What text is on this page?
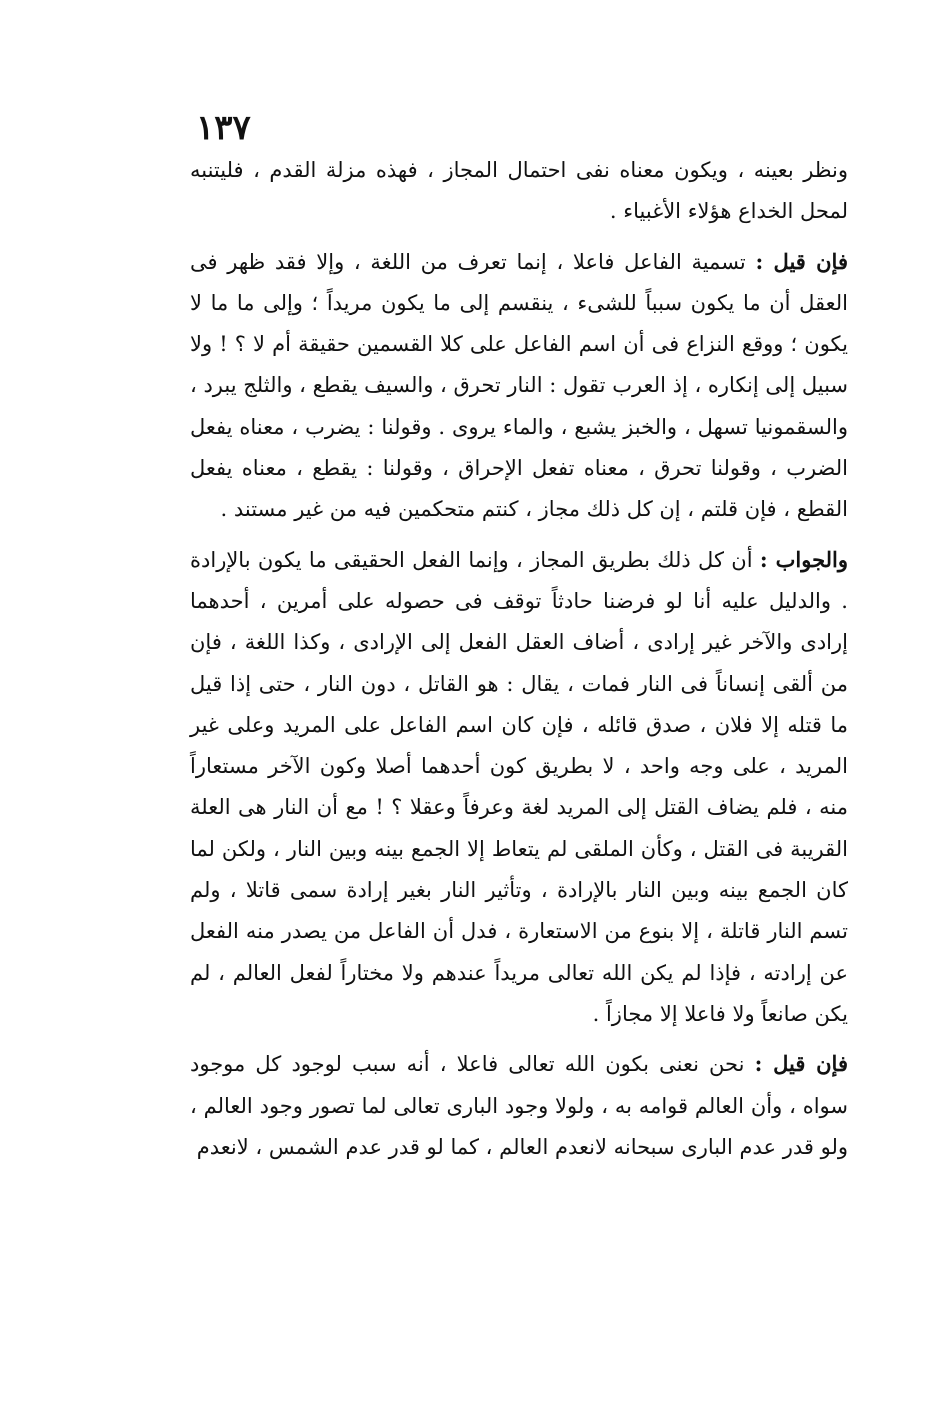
١٣٧

ونظر بعينه ، ويكون معناه نفى احتمال المجاز ، فهذه مزلة القدم ، فليتنبه لمحل الخداع هؤلاء الأغبياء .

فإن قيل : تسمية الفاعل فاعلا ، إنما تعرف من اللغة ، وإلا فقد ظهر فى العقل أن ما يكون سبباً للشىء ، ينقسم إلى ما يكون مريداً ؛ وإلى ما ما لا يكون ؛ ووقع النزاع فى أن اسم الفاعل على كلا القسمين حقيقة أم لا ؟ ! ولا سبيل إلى إنكاره ، إذ العرب تقول : النار تحرق ، والسيف يقطع ، والثلج يبرد ، والسقمونيا تسهل ، والخبز يشبع ، والماء يروى . وقولنا : يضرب ، معناه يفعل الضرب ، وقولنا تحرق ، معناه تفعل الإحراق ، وقولنا : يقطع ، معناه يفعل القطع ، فإن قلتم ، إن كل ذلك مجاز ، كنتم متحكمين فيه من غير مستند .

والجواب : أن كل ذلك بطريق المجاز ، وإنما الفعل الحقيقى ما يكون بالإرادة . والدليل عليه أنا لو فرضنا حادثاً توقف فى حصوله على أمرين ، أحدهما إرادى والآخر غير إرادى ، أضاف العقل الفعل إلى الإرادى ، وكذا اللغة ، فإن من ألقى إنساناً فى النار فمات ، يقال : هو القاتل ، دون النار ، حتى إذا قيل ما قتله إلا فلان ، صدق قائله ، فإن كان اسم الفاعل على المريد وعلى غير المريد ، على وجه واحد ، لا بطريق كون أحدهما أصلا وكون الآخر مستعاراً منه ، فلم يضاف القتل إلى المريد لغة وعرفاً وعقلا ؟ ! مع أن النار هى العلة القريبة فى القتل ، وكأن الملقى لم يتعاط إلا الجمع بينه وبين النار ، ولكن لما كان الجمع بينه وبين النار بالإرادة ، وتأثير النار بغير إرادة سمى قاتلا ، ولم تسم النار قاتلة ، إلا بنوع من الاستعارة ، فدل أن الفاعل من يصدر منه الفعل عن إرادته ، فإذا لم يكن الله تعالى مريداً عندهم ولا مختاراً لفعل العالم ، لم يكن صانعاً ولا فاعلا إلا مجازاً .

فإن قيل : نحن نعنى بكون الله تعالى فاعلا ، أنه سبب لوجود كل موجود سواه ، وأن العالم قوامه به ، ولولا وجود البارى تعالى لما تصور وجود العالم ، ولو قدر عدم البارى سبحانه لانعدم العالم ، كما لو قدر عدم الشمس ، لانعدم
